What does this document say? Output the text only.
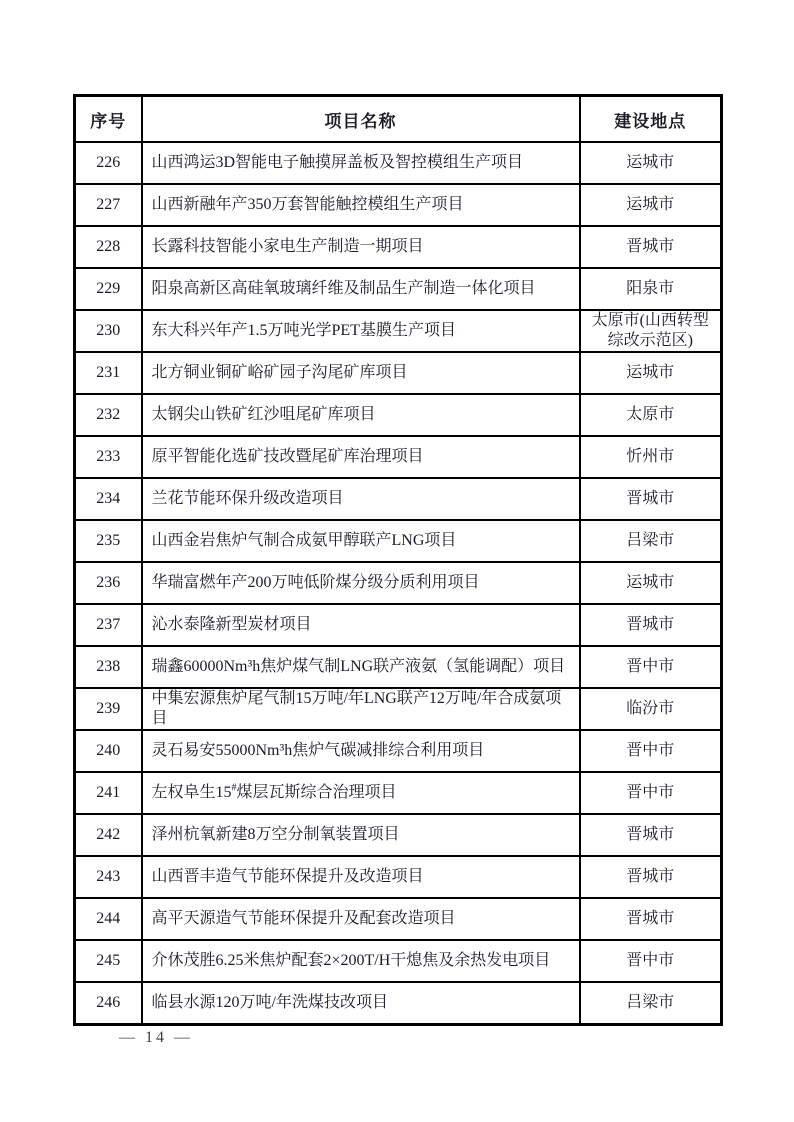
序号	项目名称	建设地点
226	山西鸿运3D智能电子触摸屏盖板及智控模组生产项目	运城市
227	山西新融年产350万套智能触控模组生产项目	运城市
228	长露科技智能小家电生产制造一期项目	晋城市
229	阳泉高新区高硅氧玻璃纤维及制品生产制造一体化项目	阳泉市
230	东大科兴年产1.5万吨光学PET基膜生产项目	太原市(山西转型综改示范区)
231	北方铜业铜矿峪矿园子沟尾矿库项目	运城市
232	太钢尖山铁矿红沙咀尾矿库项目	太原市
233	原平智能化选矿技改暨尾矿库治理项目	忻州市
234	兰花节能环保升级改造项目	晋城市
235	山西金岩焦炉气制合成氨甲醇联产LNG项目	吕梁市
236	华瑞富燃年产200万吨低阶煤分级分质利用项目	运城市
237	沁水泰隆新型炭材项目	晋城市
238	瑞鑫60000Nm³h焦炉煤气制LNG联产液氨（氢能调配）项目	晋中市
239	中集宏源焦炉尾气制15万吨/年LNG联产12万吨/年合成氨项目	临汾市
240	灵石易安55000Nm³h焦炉气碳减排综合利用项目	晋中市
241	左权阜生15#煤层瓦斯综合治理项目	晋中市
242	泽州杭氧新建8万空分制氧装置项目	晋城市
243	山西晋丰造气节能环保提升及改造项目	晋城市
244	高平天源造气节能环保提升及配套改造项目	晋城市
245	介休茂胜6.25米焦炉配套2×200T/H干熄焦及余热发电项目	晋中市
246	临县水源120万吨/年洗煤技改项目	吕梁市
— 14 —
